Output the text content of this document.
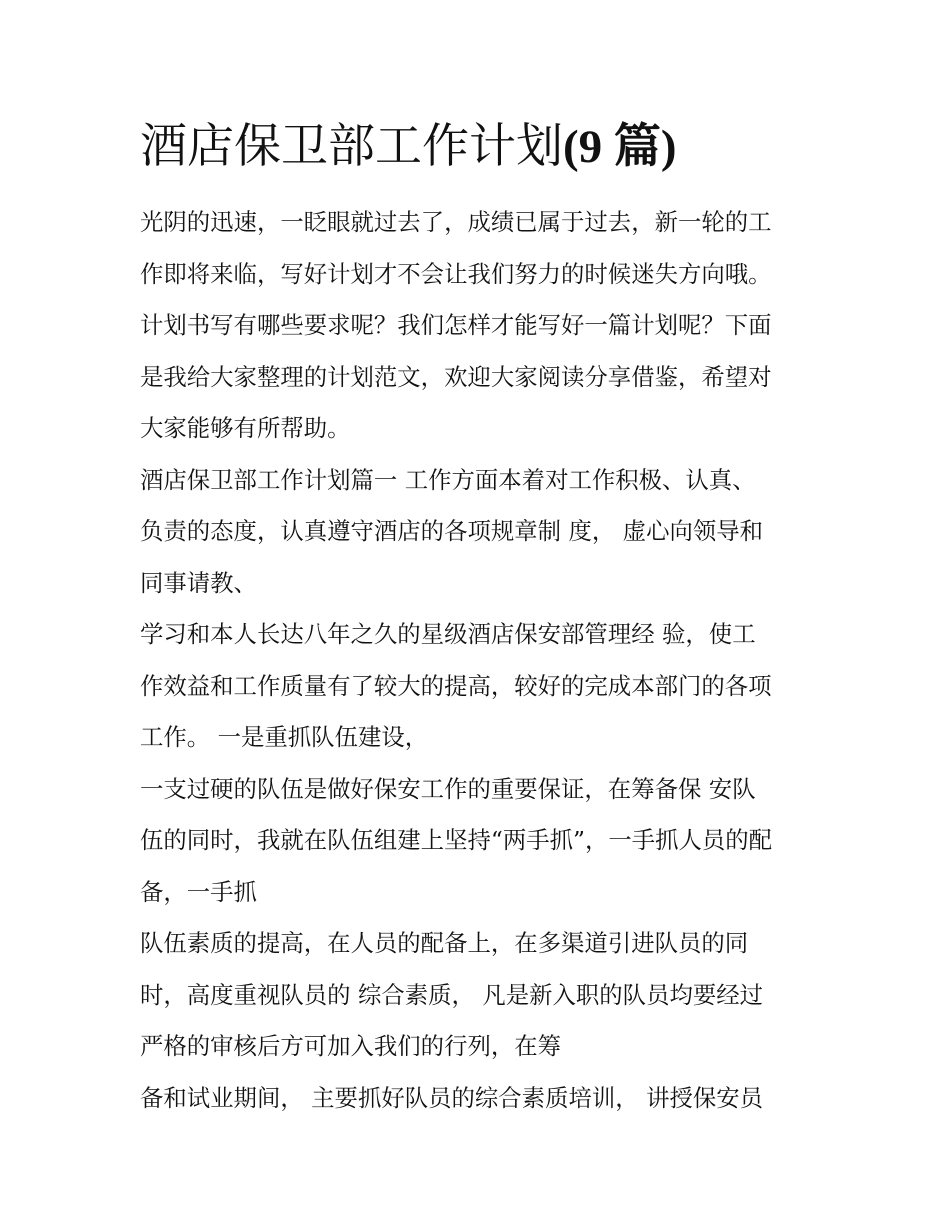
酒店保卫部工作计划(9 篇)
光阴的迅速，一眨眼就过去了，成绩已属于过去，新一轮的工
作即将来临，写好计划才不会让我们努力的时候迷失方向哦。
计划书写有哪些要求呢？我们怎样才能写好一篇计划呢？下面
是我给大家整理的计划范文，欢迎大家阅读分享借鉴，希望对
大家能够有所帮助。
酒店保卫部工作计划篇一 工作方面本着对工作积极、认真、
负责的态度，认真遵守酒店的各项规章制 度， 虚心向领导和
同事请教、
学习和本人长达八年之久的星级酒店保安部管理经 验，使工
作效益和工作质量有了较大的提高，较好的完成本部门的各项
工作。 一是重抓队伍建设，
一支过硬的队伍是做好保安工作的重要保证，在筹备保 安队
伍的同时，我就在队伍组建上坚持“两手抓”，一手抓人员的配
备，一手抓
队伍素质的提高，在人员的配备上，在多渠道引进队员的同
时，高度重视队员的 综合素质， 凡是新入职的队员均要经过
严格的审核后方可加入我们的行列，在筹
备和试业期间， 主要抓好队员的综合素质培训， 讲授保安员
